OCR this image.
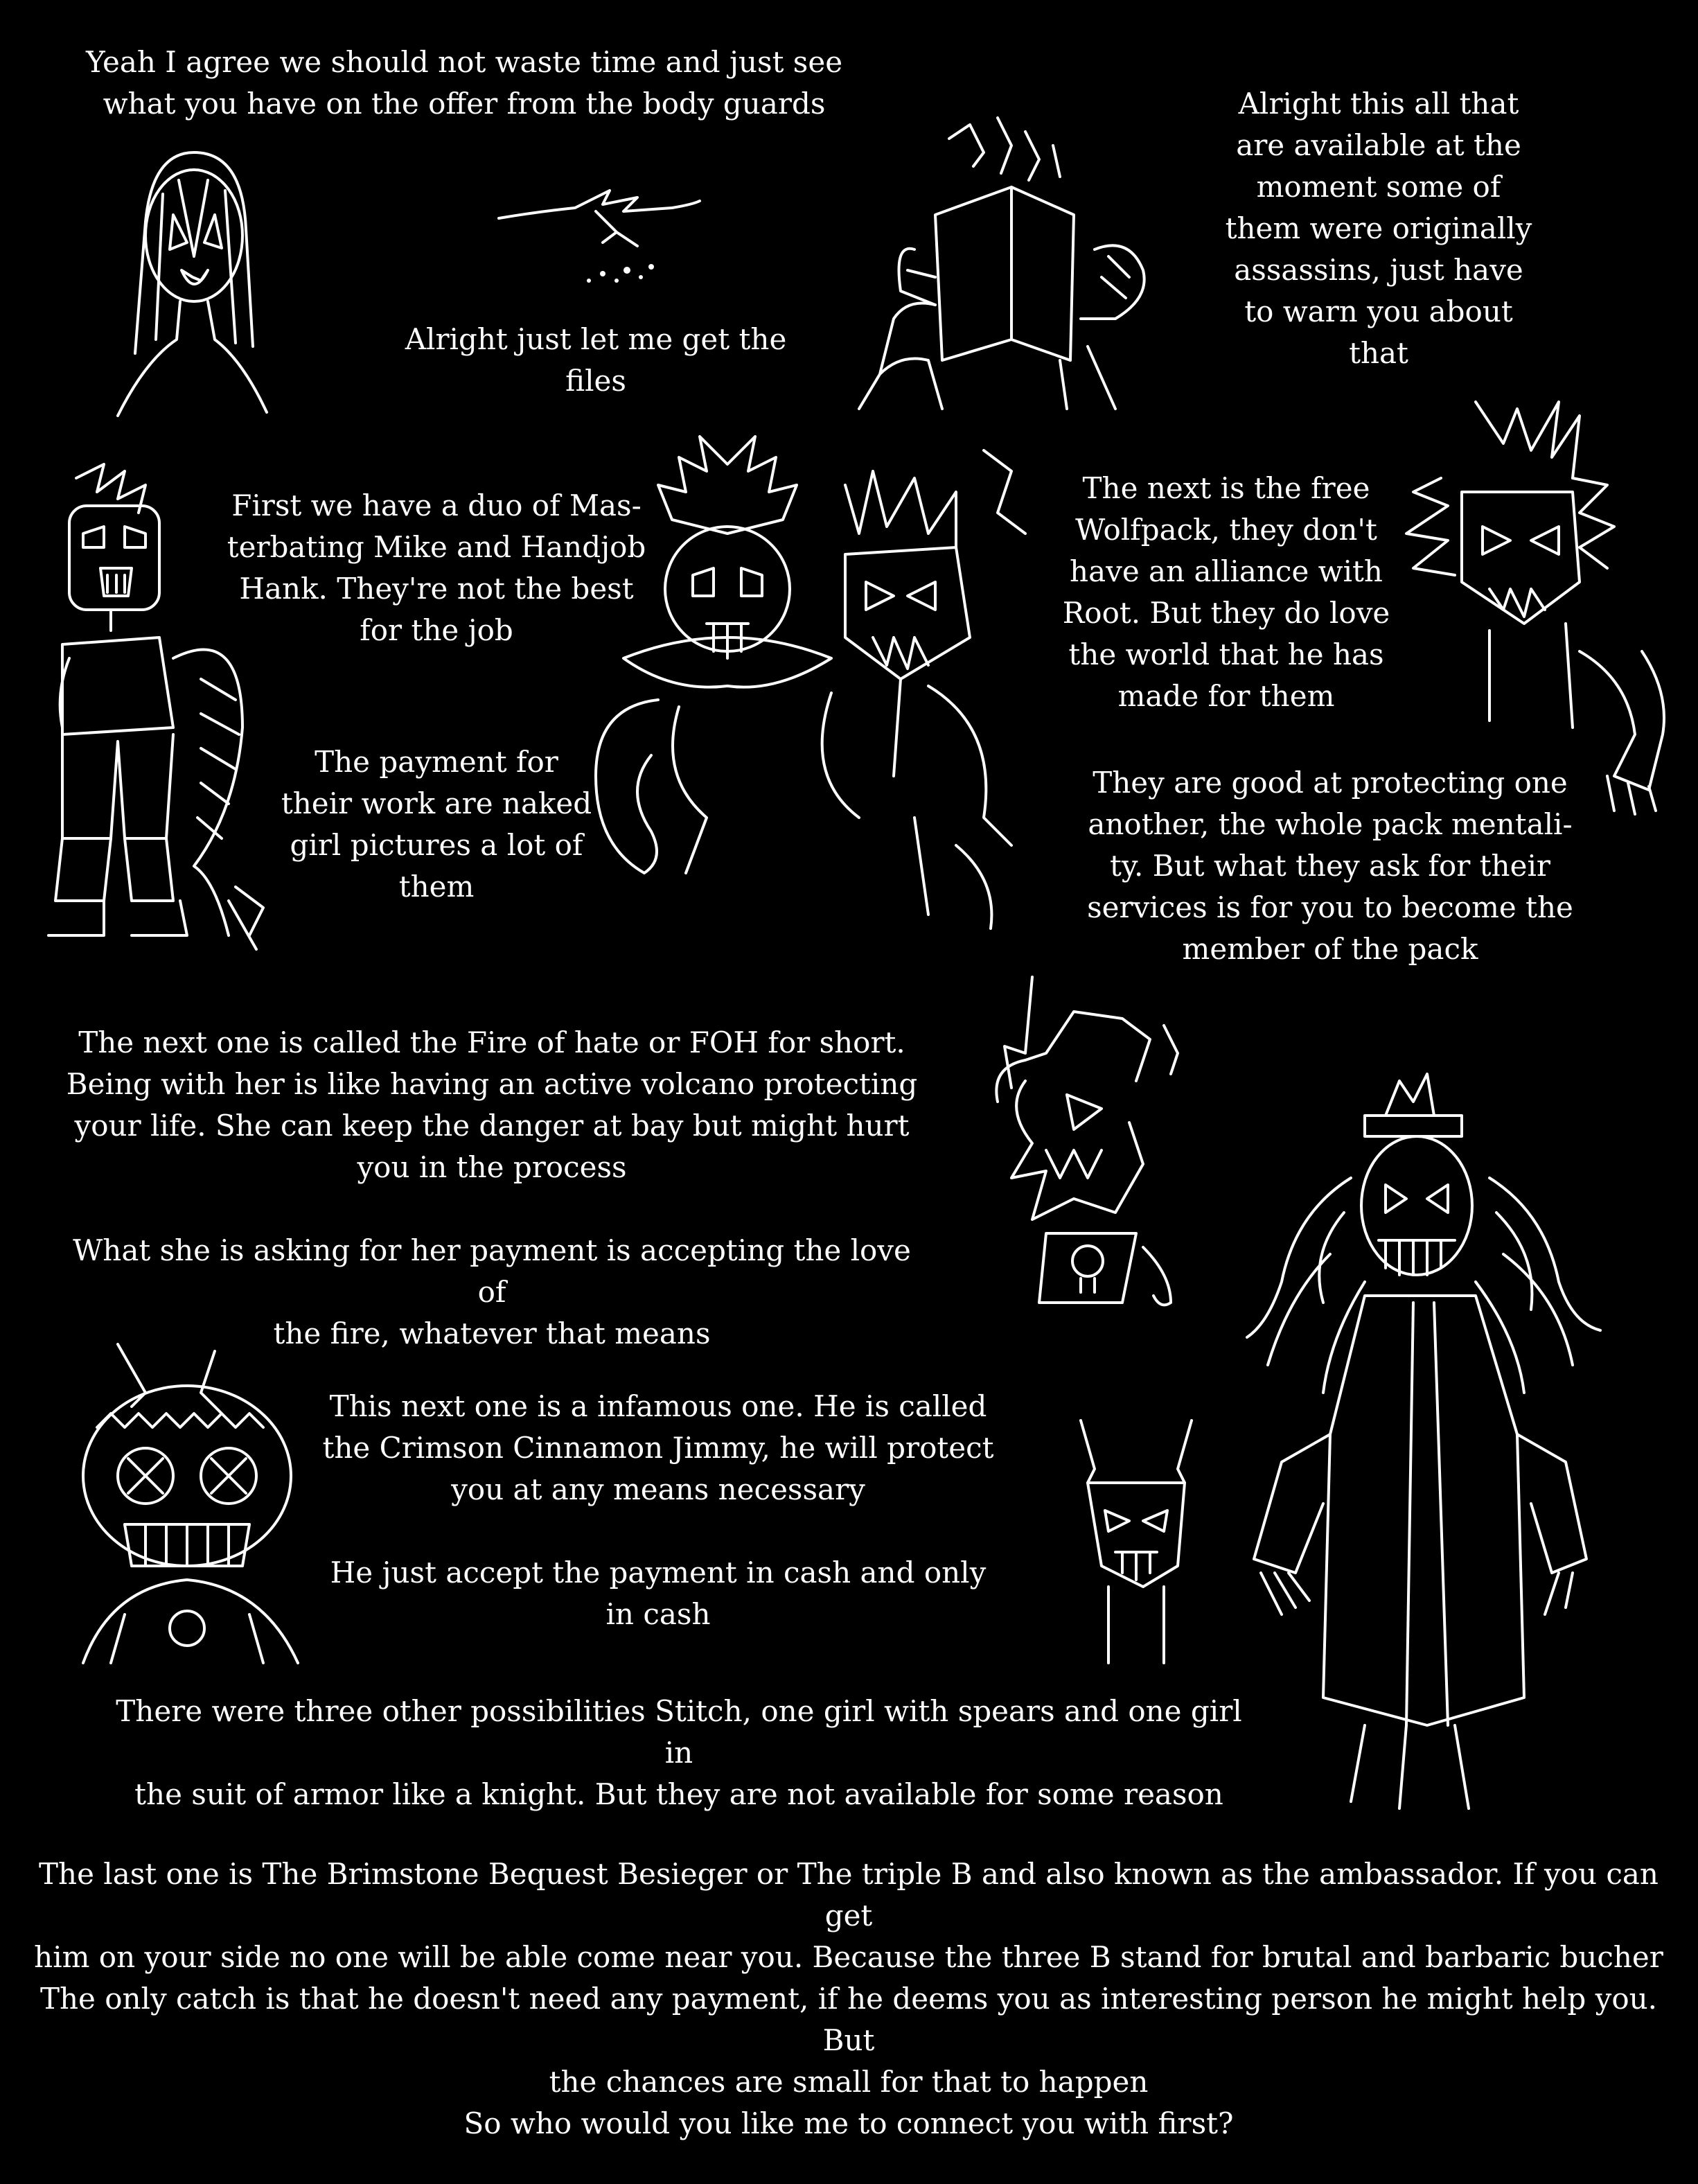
Yeah I agree we should not waste time and just see
what you have on the offer from the body guards
Alright just let me get the
files
Alright this all that
are available at the
moment some of
them were originally
assassins, just have
to warn you about
that
First we have a duo of Mas-
terbating Mike and Handjob
Hank. They're not the best
for the job
The payment for
their work are naked
girl pictures a lot of
them
The next is the free
Wolfpack, they don't
have an alliance with
Root. But they do love
the world that he has
made for them
They are good at protecting one
another, the whole pack mentali-
ty. But what they ask for their
services is for you to become the
member of the pack
The next one is called the Fire of hate or FOH for short.
Being with her is like having an active volcano protecting
your life. She can keep the danger at bay but might hurt
you in the process
What she is asking for her payment is accepting the love of
the fire, whatever that means
This next one is a infamous one. He is called
the Crimson Cinnamon Jimmy, he will protect
you at any means necessary
He just accept the payment in cash and only
in cash
There were three other possibilities Stitch, one girl with spears and one girl in
the suit of armor like a knight. But they are not available for some reason
The last one is The Brimstone Bequest Besieger or The triple B and also known as the ambassador. If you can get
him on your side no one will be able come near you. Because the three B stand for brutal and barbaric bucher
The only catch is that he doesn't need any payment, if he deems you as interesting person he might help you. But
the chances are small for that to happen
So who would you like me to connect you with first?
